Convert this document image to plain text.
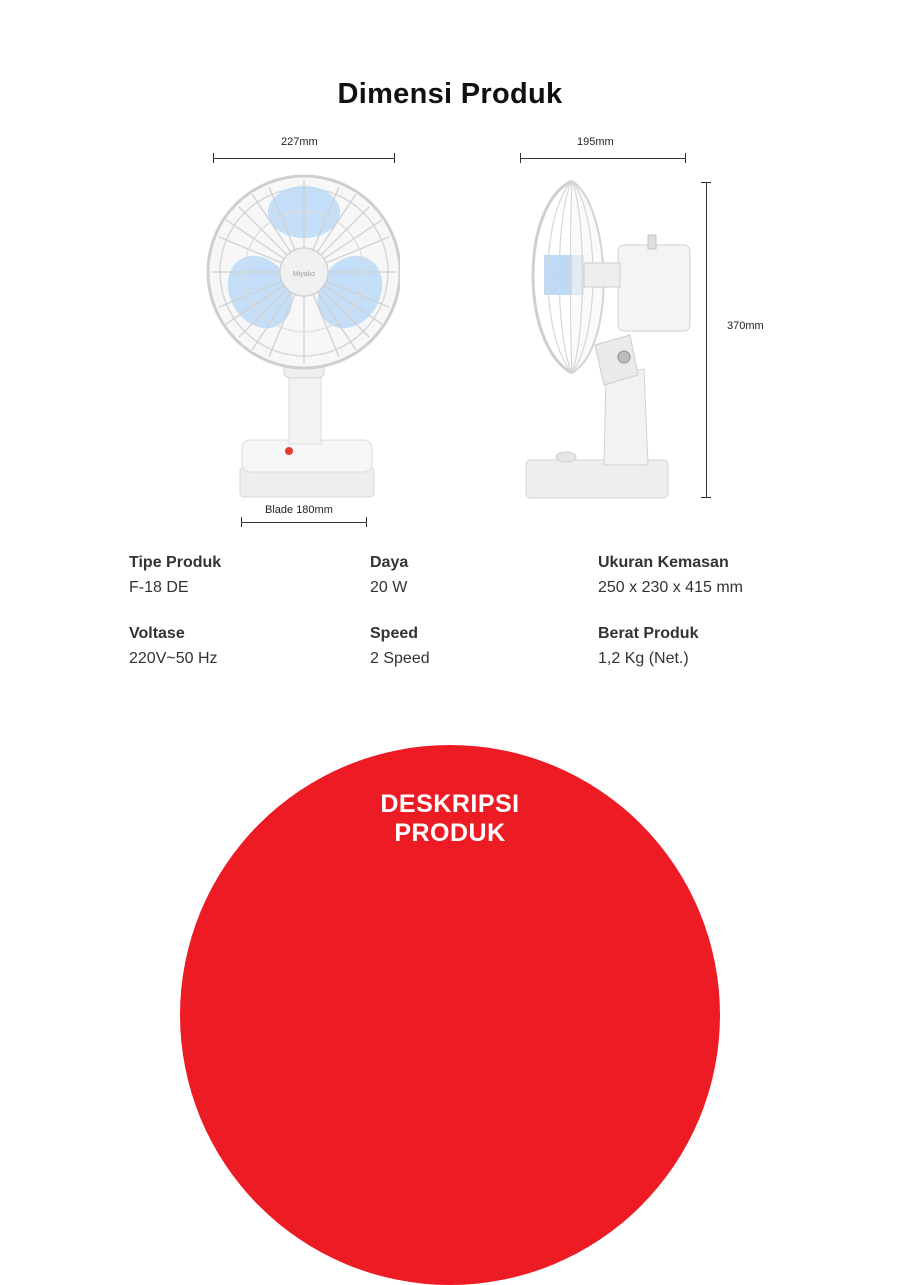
Dimensi Produk
227mm	195mm
370mm
Blade 180mm
Miyako
Tipe Produk
F-18 DE
Daya
20 W
Ukuran Kemasan
250 x 230 x 415 mm
Voltase
220V~50 Hz
Speed
2 Speed
Berat Produk
1,2 Kg (Net.)
DESKRIPSI
PRODUK
